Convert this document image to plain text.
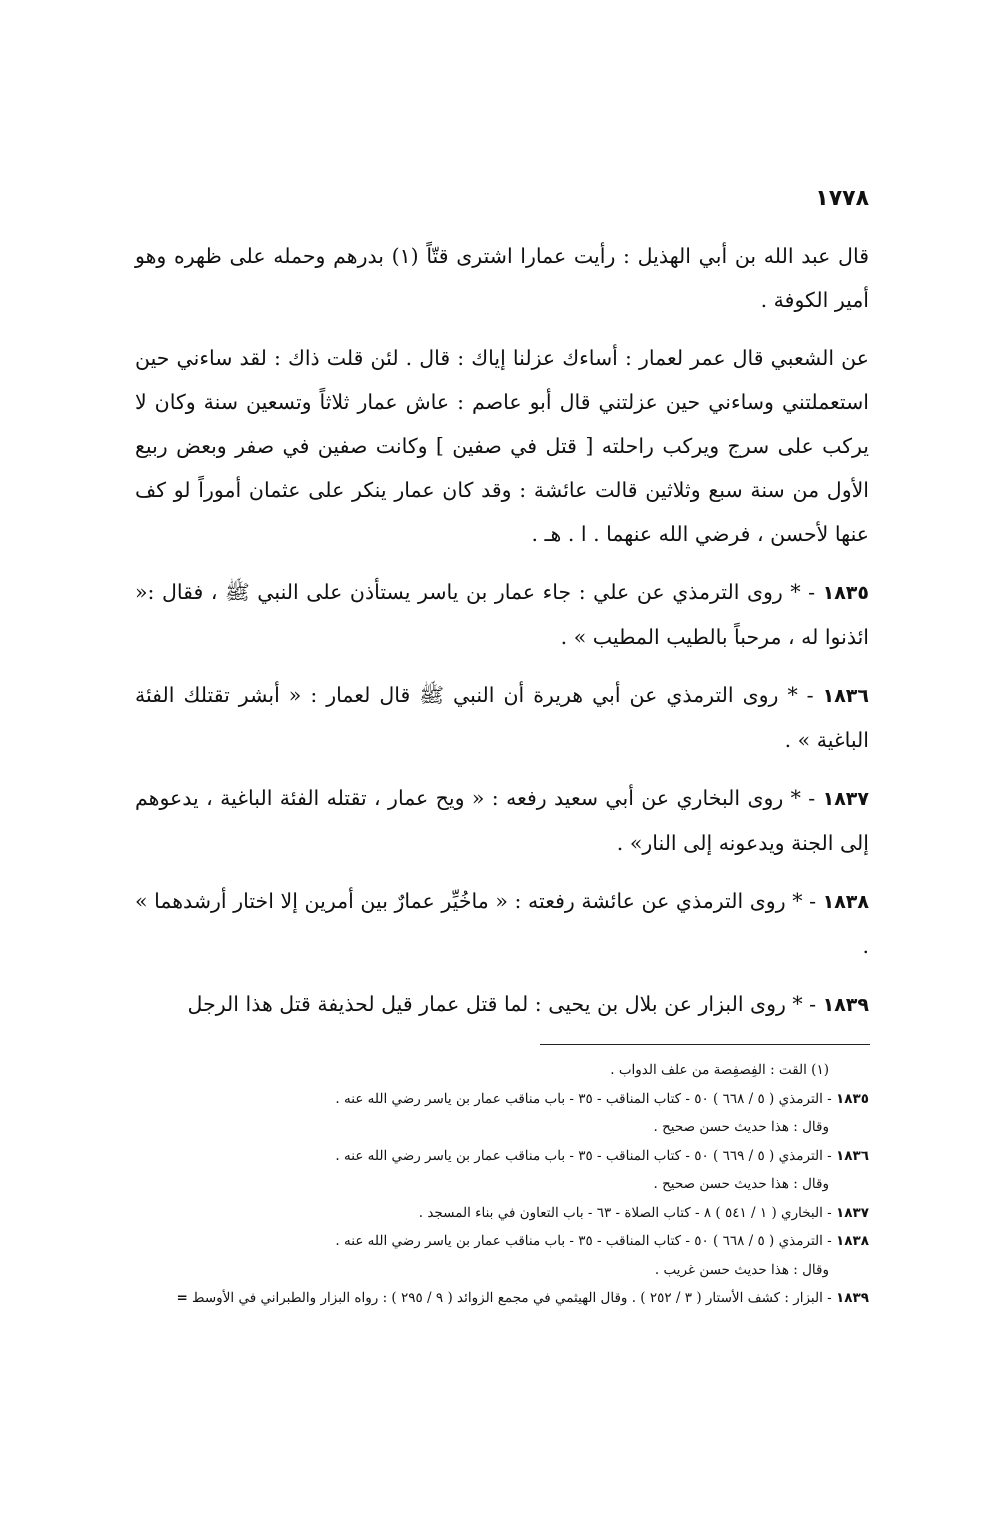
١٧٧٨

قال عبد الله بن أبي الهذيل : رأيت عمارا اشترى قتّاً (١) بدرهم وحمله على ظهره وهو أمير الكوفة .

عن الشعبي قال عمر لعمار : أساءك عزلنا إياك : قال . لئن قلت ذاك : لقد ساءني حين استعملتني وساءني حين عزلتني قال أبو عاصم : عاش عمار ثلاثاً وتسعين سنة وكان لا يركب على سرج ويركب راحلته [ قتل في صفين ] وكانت صفين في صفر وبعض ربيع الأول من سنة سبع وثلاثين قالت عائشة : وقد كان عمار ينكر على عثمان أموراً لو كف عنها لأحسن ، فرضي الله عنهما . ا . هـ .

١٨٣٥ - * روى الترمذي عن علي : جاء عمار بن ياسر يستأذن على النبي ﷺ ، فقال :« ائذنوا له ، مرحباً بالطيب المطيب » .

١٨٣٦ - * روى الترمذي عن أبي هريرة أن النبي ﷺ قال لعمار : « أبشر تقتلك الفئة الباغية » .

١٨٣٧ - * روى البخاري عن أبي سعيد رفعه : « ويح عمار ، تقتله الفئة الباغية ، يدعوهم إلى الجنة ويدعونه إلى النار» .

١٨٣٨ - * روى الترمذي عن عائشة رفعته : « ماخُيِّر عمارٌ بين أمرين إلا اختار أرشدهما » .

١٨٣٩ - * روى البزار عن بلال بن يحيى : لما قتل عمار قيل لحذيفة قتل هذا الرجل

(١) القت : الفِصفِصة من علف الدواب .
١٨٣٥ - الترمذي ( ٥ / ٦٦٨ ) ٥٠ - كتاب المناقب - ٣٥ - باب مناقب عمار بن ياسر رضي الله عنه .
وقال : هذا حديث حسن صحيح .
١٨٣٦ - الترمذي ( ٥ / ٦٦٩ ) ٥٠ - كتاب المناقب - ٣٥ - باب مناقب عمار بن ياسر رضي الله عنه .
وقال : هذا حديث حسن صحيح .
١٨٣٧ - البخاري ( ١ / ٥٤١ ) ٨ - كتاب الصلاة - ٦٣ - باب التعاون في بناء المسجد .
١٨٣٨ - الترمذي ( ٥ / ٦٦٨ ) ٥٠ - كتاب المناقب - ٣٥ - باب مناقب عمار بن ياسر رضي الله عنه .
وقال : هذا حديث حسن غريب .
١٨٣٩ - البزار : كشف الأستار ( ٣ / ٢٥٢ ) . وقال الهيثمي في مجمع الزوائد ( ٩ / ٢٩٥ ) : رواه البزار والطبراني في الأوسط =
